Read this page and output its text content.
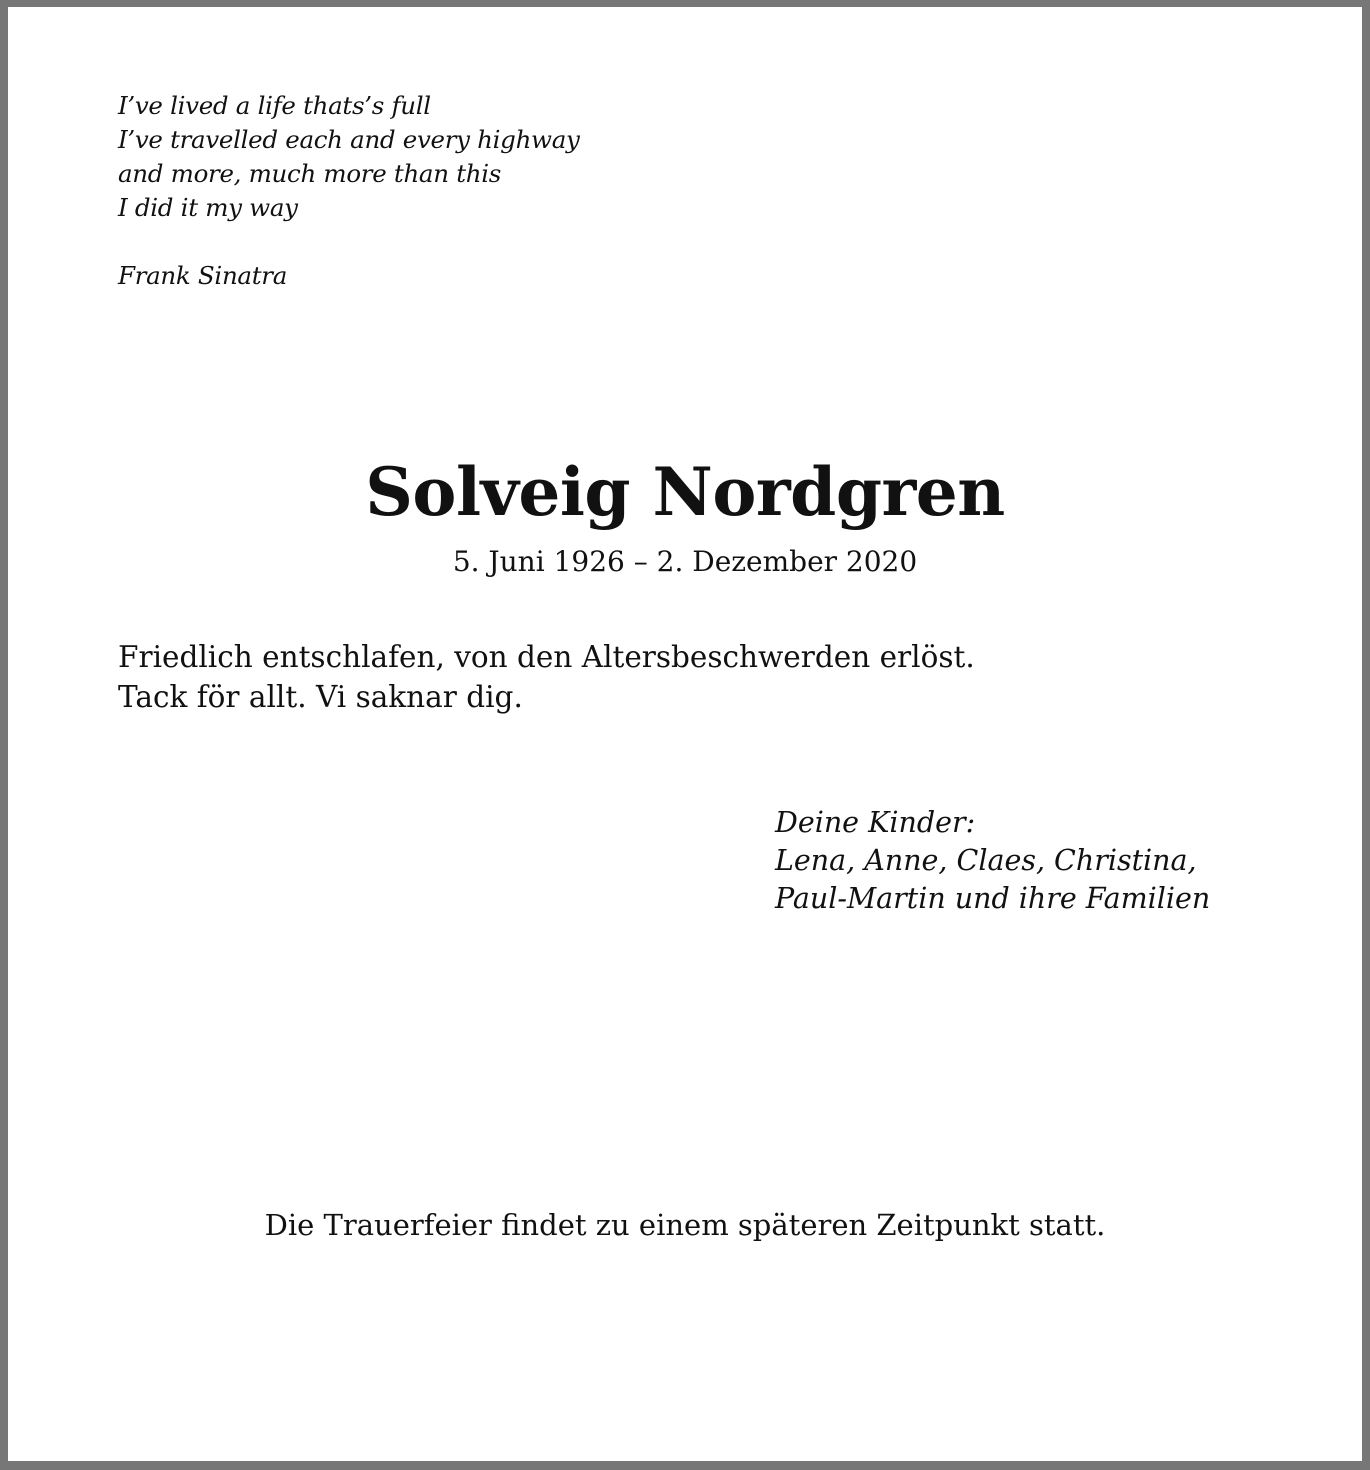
I’ve lived a life thats’s full
I’ve travelled each and every highway
and more, much more than this
I did it my way
Frank Sinatra
Solveig Nordgren
5. Juni 1926 – 2. Dezember 2020
Friedlich entschlafen, von den Altersbeschwerden erlöst.
Tack för allt. Vi saknar dig.
Deine Kinder:
Lena, Anne, Claes, Christina,
Paul-Martin und ihre Familien
Die Trauerfeier findet zu einem späteren Zeitpunkt statt.
